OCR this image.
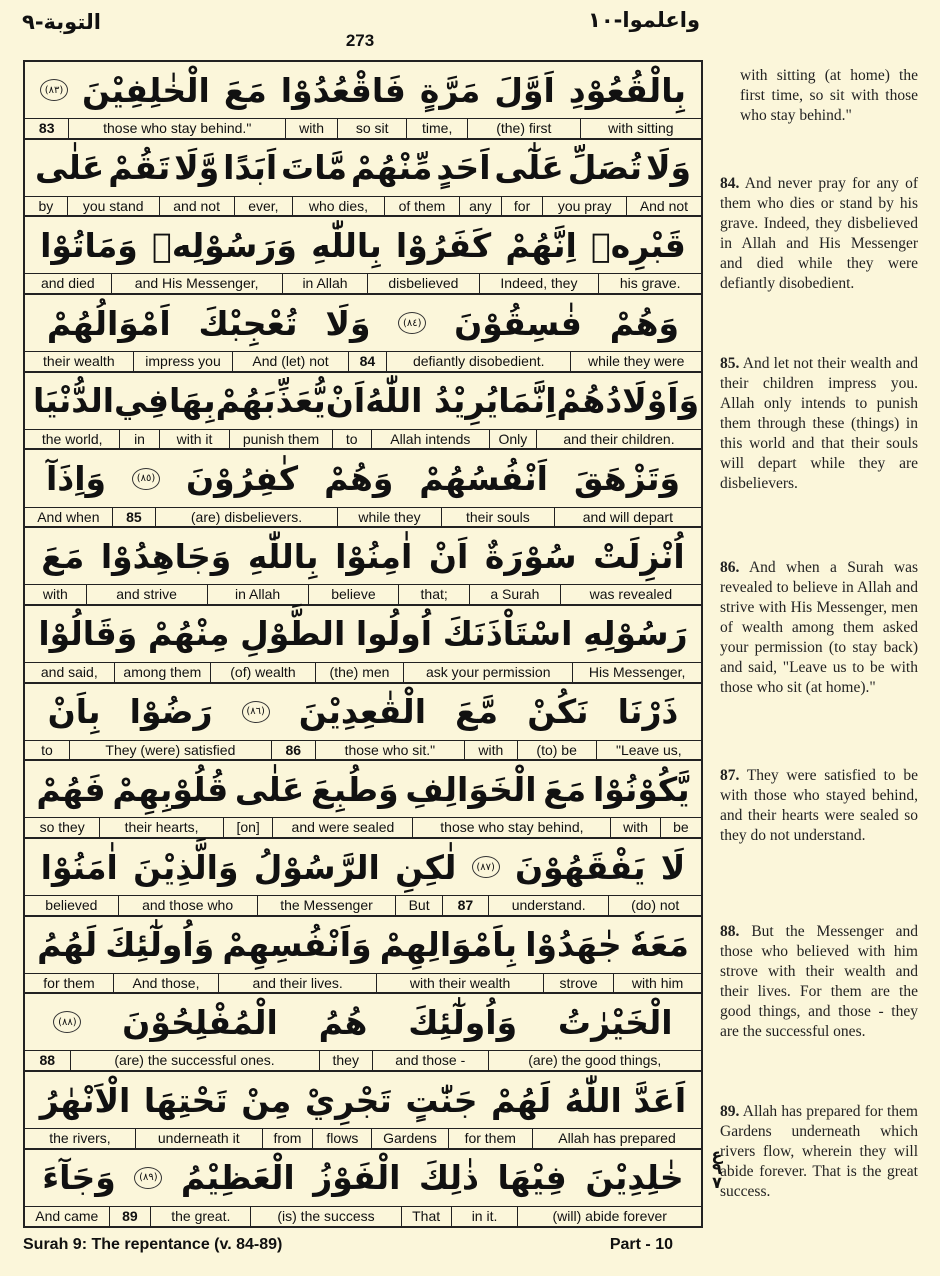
التوبة-٩
273
واعلموا-١٠
بِالْقُعُوْدِ
اَوَّلَ
مَرَّةٍ
فَاقْعُدُوْا
مَعَ
الْخٰلِفِيْنَ
(٨٣)
with sitting
(the) first
time,
so sit
with
those who stay behind."
83
وَلَا
تُصَلِّ
عَلٰٓى
اَحَدٍ
مِّنْهُمْ
مَّاتَ
اَبَدًا
وَّلَا
تَقُمْ
عَلٰى
And not
you pray
for
any
of them
who dies,
ever,
and not
you stand
by
قَبْرِهٖ
اِنَّهُمْ
كَفَرُوْا
بِاللّٰهِ
وَرَسُوْلِهٖ
وَمَاتُوْا
his grave.
Indeed, they
disbelieved
in Allah
and His Messenger,
and died
وَهُمْ
فٰسِقُوْنَ
(٨٤)
وَلَا
تُعْجِبْكَ
اَمْوَالُهُمْ
while they were
defiantly disobedient.
84
And (let) not
impress you
their wealth
وَاَوْلَادُهُمْ
اِنَّمَا
يُرِيْدُ اللّٰهُ
اَنْ
يُّعَذِّبَهُمْ
بِهَا
فِي
الدُّنْيَا
and their children.
Only
Allah intends
to
punish them
with it
in
the world,
وَتَزْهَقَ
اَنْفُسُهُمْ
وَهُمْ
كٰفِرُوْنَ
(٨٥)
وَاِذَآ
and will depart
their souls
while they
(are) disbelievers.
85
And when
اُنْزِلَتْ
سُوْرَةٌ
اَنْ
اٰمِنُوْا
بِاللّٰهِ
وَجَاهِدُوْا
مَعَ
was revealed
a Surah
that;
believe
in Allah
and strive
with
رَسُوْلِهِ
اسْتَاْذَنَكَ
اُولُوا
الطَّوْلِ
مِنْهُمْ
وَقَالُوْا
His Messenger,
ask your permission
(the) men
(of) wealth
among them
and said,
ذَرْنَا
نَكُنْ
مَّعَ
الْقٰعِدِيْنَ
(٨٦)
رَضُوْا
بِاَنْ
"Leave us,
(to) be
with
those who sit."
86
They (were) satisfied
to
يَّكُوْنُوْا
مَعَ
الْخَوَالِفِ
وَطُبِعَ
عَلٰى
قُلُوْبِهِمْ
فَهُمْ
be
with
those who stay behind,
and were sealed
[on]
their hearts,
so they
لَا
يَفْقَهُوْنَ
(٨٧)
لٰكِنِ
الرَّسُوْلُ
وَالَّذِيْنَ
اٰمَنُوْا
(do) not
understand.
87
But
the Messenger
and those who
believed
مَعَهٗ
جٰهَدُوْا
بِاَمْوَالِهِمْ
وَاَنْفُسِهِمْ
وَاُولٰٓئِكَ
لَهُمُ
with him
strove
with their wealth
and their lives.
And those,
for them
الْخَيْرٰتُ
وَاُولٰٓئِكَ
هُمُ
الْمُفْلِحُوْنَ
(٨٨)
(are) the good things,
and those -
they
(are) the successful ones.
88
اَعَدَّ اللّٰهُ
لَهُمْ
جَنّٰتٍ
تَجْرِيْ
مِنْ
تَحْتِهَا
الْاَنْهٰرُ
Allah has prepared
for them
Gardens
flows
from
underneath it
the rivers,
خٰلِدِيْنَ
فِيْهَا
ذٰلِكَ
الْفَوْزُ
الْعَظِيْمُ
(٨٩)
وَجَآءَ
(will) abide forever
in it.
That
(is) the success
the great.
89
And came
ع ٩ ٧
with sitting (at home) the first time, so sit with those who stay behind."
84. And never pray for any of them who dies or stand by his grave. Indeed, they disbelieved in Allah and His Messenger and died while they were defiantly disobedient.
85. And let not their wealth and their children impress you. Allah only intends to punish them through these (things) in this world and that their souls will depart while they are disbelievers.
86. And when a Surah was revealed to believe in Allah and strive with His Messenger, men of wealth among them asked your permission (to stay back) and said, "Leave us to be with those who sit (at home)."
87. They were satisfied to be with those who stayed behind, and their hearts were sealed so they do not understand.
88. But the Messenger and those who believed with him strove with their wealth and their lives. For them are the good things, and those - they are the successful ones.
89. Allah has prepared for them Gardens underneath which rivers flow, wherein they will abide forever. That is the great success.
Surah 9: The repentance (v. 84-89)	Part - 10
